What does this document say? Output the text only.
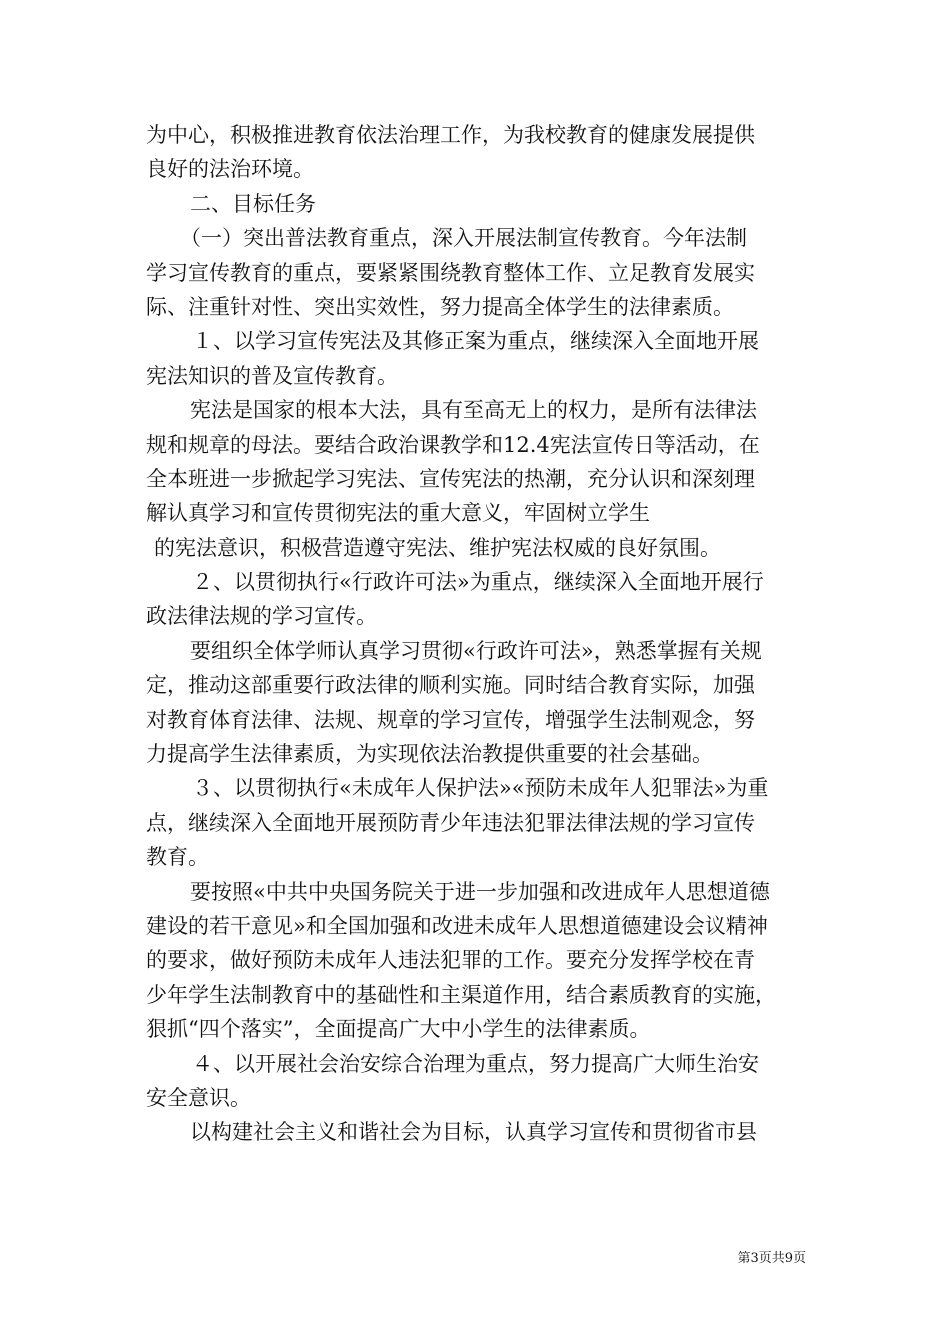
为中心，积极推进教育依法治理工作，为我校教育的健康发展提供
良好的法治环境。
二、目标任务
（一）突出普法教育重点，深入开展法制宣传教育。今年法制
学习宣传教育的重点，要紧紧围绕教育整体工作、立足教育发展实
际、注重针对性、突出实效性，努力提高全体学生的法律素质。
１、以学习宣传宪法及其修正案为重点，继续深入全面地开展
宪法知识的普及宣传教育。
宪法是国家的根本大法，具有至高无上的权力，是所有法律法
规和规章的母法。要结合政治课教学和12.4宪法宣传日等活动，在
全本班进一步掀起学习宪法、宣传宪法的热潮，充分认识和深刻理
解认真学习和宣传贯彻宪法的重大意义，牢固树立学生
的宪法意识，积极营造遵守宪法、维护宪法权威的良好氛围。
２、以贯彻执行«行政许可法»为重点，继续深入全面地开展行
政法律法规的学习宣传。
要组织全体学师认真学习贯彻«行政许可法»，熟悉掌握有关规
定，推动这部重要行政法律的顺利实施。同时结合教育实际，加强
对教育体育法律、法规、规章的学习宣传，增强学生法制观念，努
力提高学生法律素质，为实现依法治教提供重要的社会基础。
３、以贯彻执行«未成年人保护法»«预防未成年人犯罪法»为重
点，继续深入全面地开展预防青少年违法犯罪法律法规的学习宣传
教育。
要按照«中共中央国务院关于进一步加强和改进成年人思想道德
建设的若干意见»和全国加强和改进未成年人思想道德建设会议精神
的要求，做好预防未成年人违法犯罪的工作。要充分发挥学校在青
少年学生法制教育中的基础性和主渠道作用，结合素质教育的实施，
狠抓“四个落实”，全面提高广大中小学生的法律素质。
４、以开展社会治安综合治理为重点，努力提高广大师生治安
安全意识。
以构建社会主义和谐社会为目标，认真学习宣传和贯彻省市县
第3页共9页
